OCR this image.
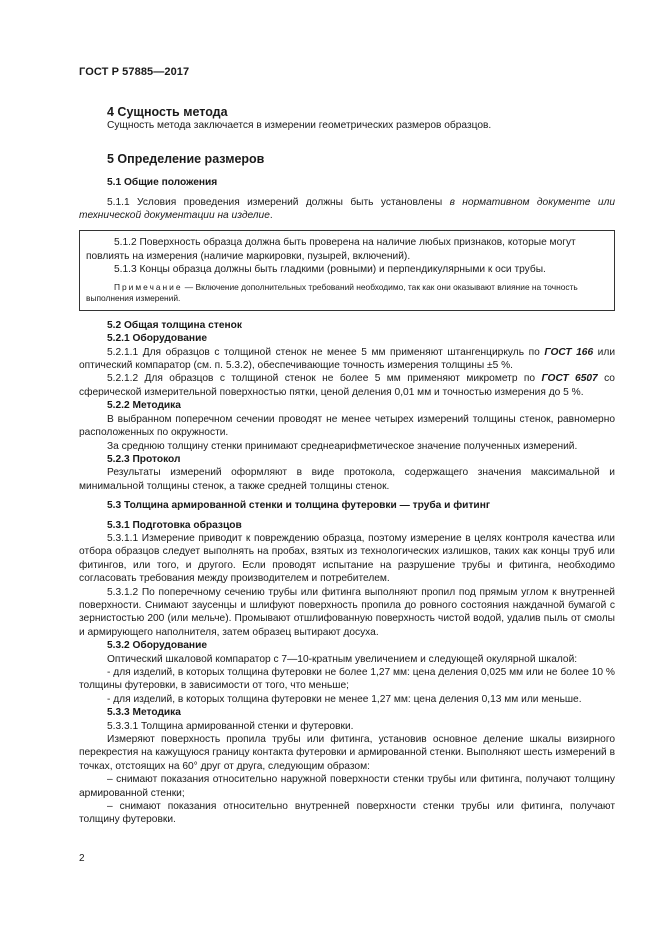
ГОСТ Р 57885—2017

4 Сущность метода

Сущность метода заключается в измерении геометрических размеров образцов.

5 Определение размеров

5.1 Общие положения

5.1.1 Условия проведения измерений должны быть установлены в нормативном документе или технической документации на изделие.

5.1.2 Поверхность образца должна быть проверена на наличие любых признаков, которые могут повлиять на измерения (наличие маркировки, пузырей, включений).

5.1.3 Концы образца должны быть гладкими (ровными) и перпендикулярными к оси трубы.

Примечание — Включение дополнительных требований необходимо, так как они оказывают влияние на точность выполнения измерений.

5.2 Общая толщина стенок

5.2.1 Оборудование

5.2.1.1 Для образцов с толщиной стенок не менее 5 мм применяют штангенциркуль по ГОСТ 166 или оптический компаратор (см. п. 5.3.2), обеспечивающие точность измерения толщины ±5 %.

5.2.1.2 Для образцов с толщиной стенок не более 5 мм применяют микрометр по ГОСТ 6507 со сферической измерительной поверхностью пятки, ценой деления 0,01 мм и точностью измерения до 5 %.

5.2.2 Методика

В выбранном поперечном сечении проводят не менее четырех измерений толщины стенок, равномерно расположенных по окружности.

За среднюю толщину стенки принимают среднеарифметическое значение полученных измерений.

5.2.3 Протокол

Результаты измерений оформляют в виде протокола, содержащего значения максимальной и минимальной толщины стенок, а также средней толщины стенок.

5.3 Толщина армированной стенки и толщина футеровки — труба и фитинг

5.3.1 Подготовка образцов

5.3.1.1 Измерение приводит к повреждению образца, поэтому измерение в целях контроля качества или отбора образцов следует выполнять на пробах, взятых из технологических излишков, таких как концы труб или фитингов, или того, и другого. Если проводят испытание на разрушение трубы и фитинга, необходимо согласовать требования между производителем и потребителем.

5.3.1.2 По поперечному сечению трубы или фитинга выполняют пропил под прямым углом к внутренней поверхности. Снимают заусенцы и шлифуют поверхность пропила до ровного состояния наждачной бумагой с зернистостью 200 (или мельче). Промывают отшлифованную поверхность чистой водой, удалив пыль от смолы и армирующего наполнителя, затем образец вытирают досуха.

5.3.2 Оборудование

Оптический шкаловой компаратор с 7—10-кратным увеличением и следующей окулярной шкалой:

- для изделий, в которых толщина футеровки не более 1,27 мм: цена деления 0,025 мм или не более 10 % толщины футеровки, в зависимости от того, что меньше;

- для изделий, в которых толщина футеровки не менее 1,27 мм: цена деления 0,13 мм или меньше.

5.3.3 Методика

5.3.3.1 Толщина армированной стенки и футеровки.

Измеряют поверхность пропила трубы или фитинга, установив основное деление шкалы визирного перекрестия на кажущуюся границу контакта футеровки и армированной стенки. Выполняют шесть измерений в точках, отстоящих на 60° друг от друга, следующим образом:

– снимают показания относительно наружной поверхности стенки трубы или фитинга, получают толщину армированной стенки;

– снимают показания относительно внутренней поверхности стенки трубы или фитинга, получают толщину футеровки.

2
